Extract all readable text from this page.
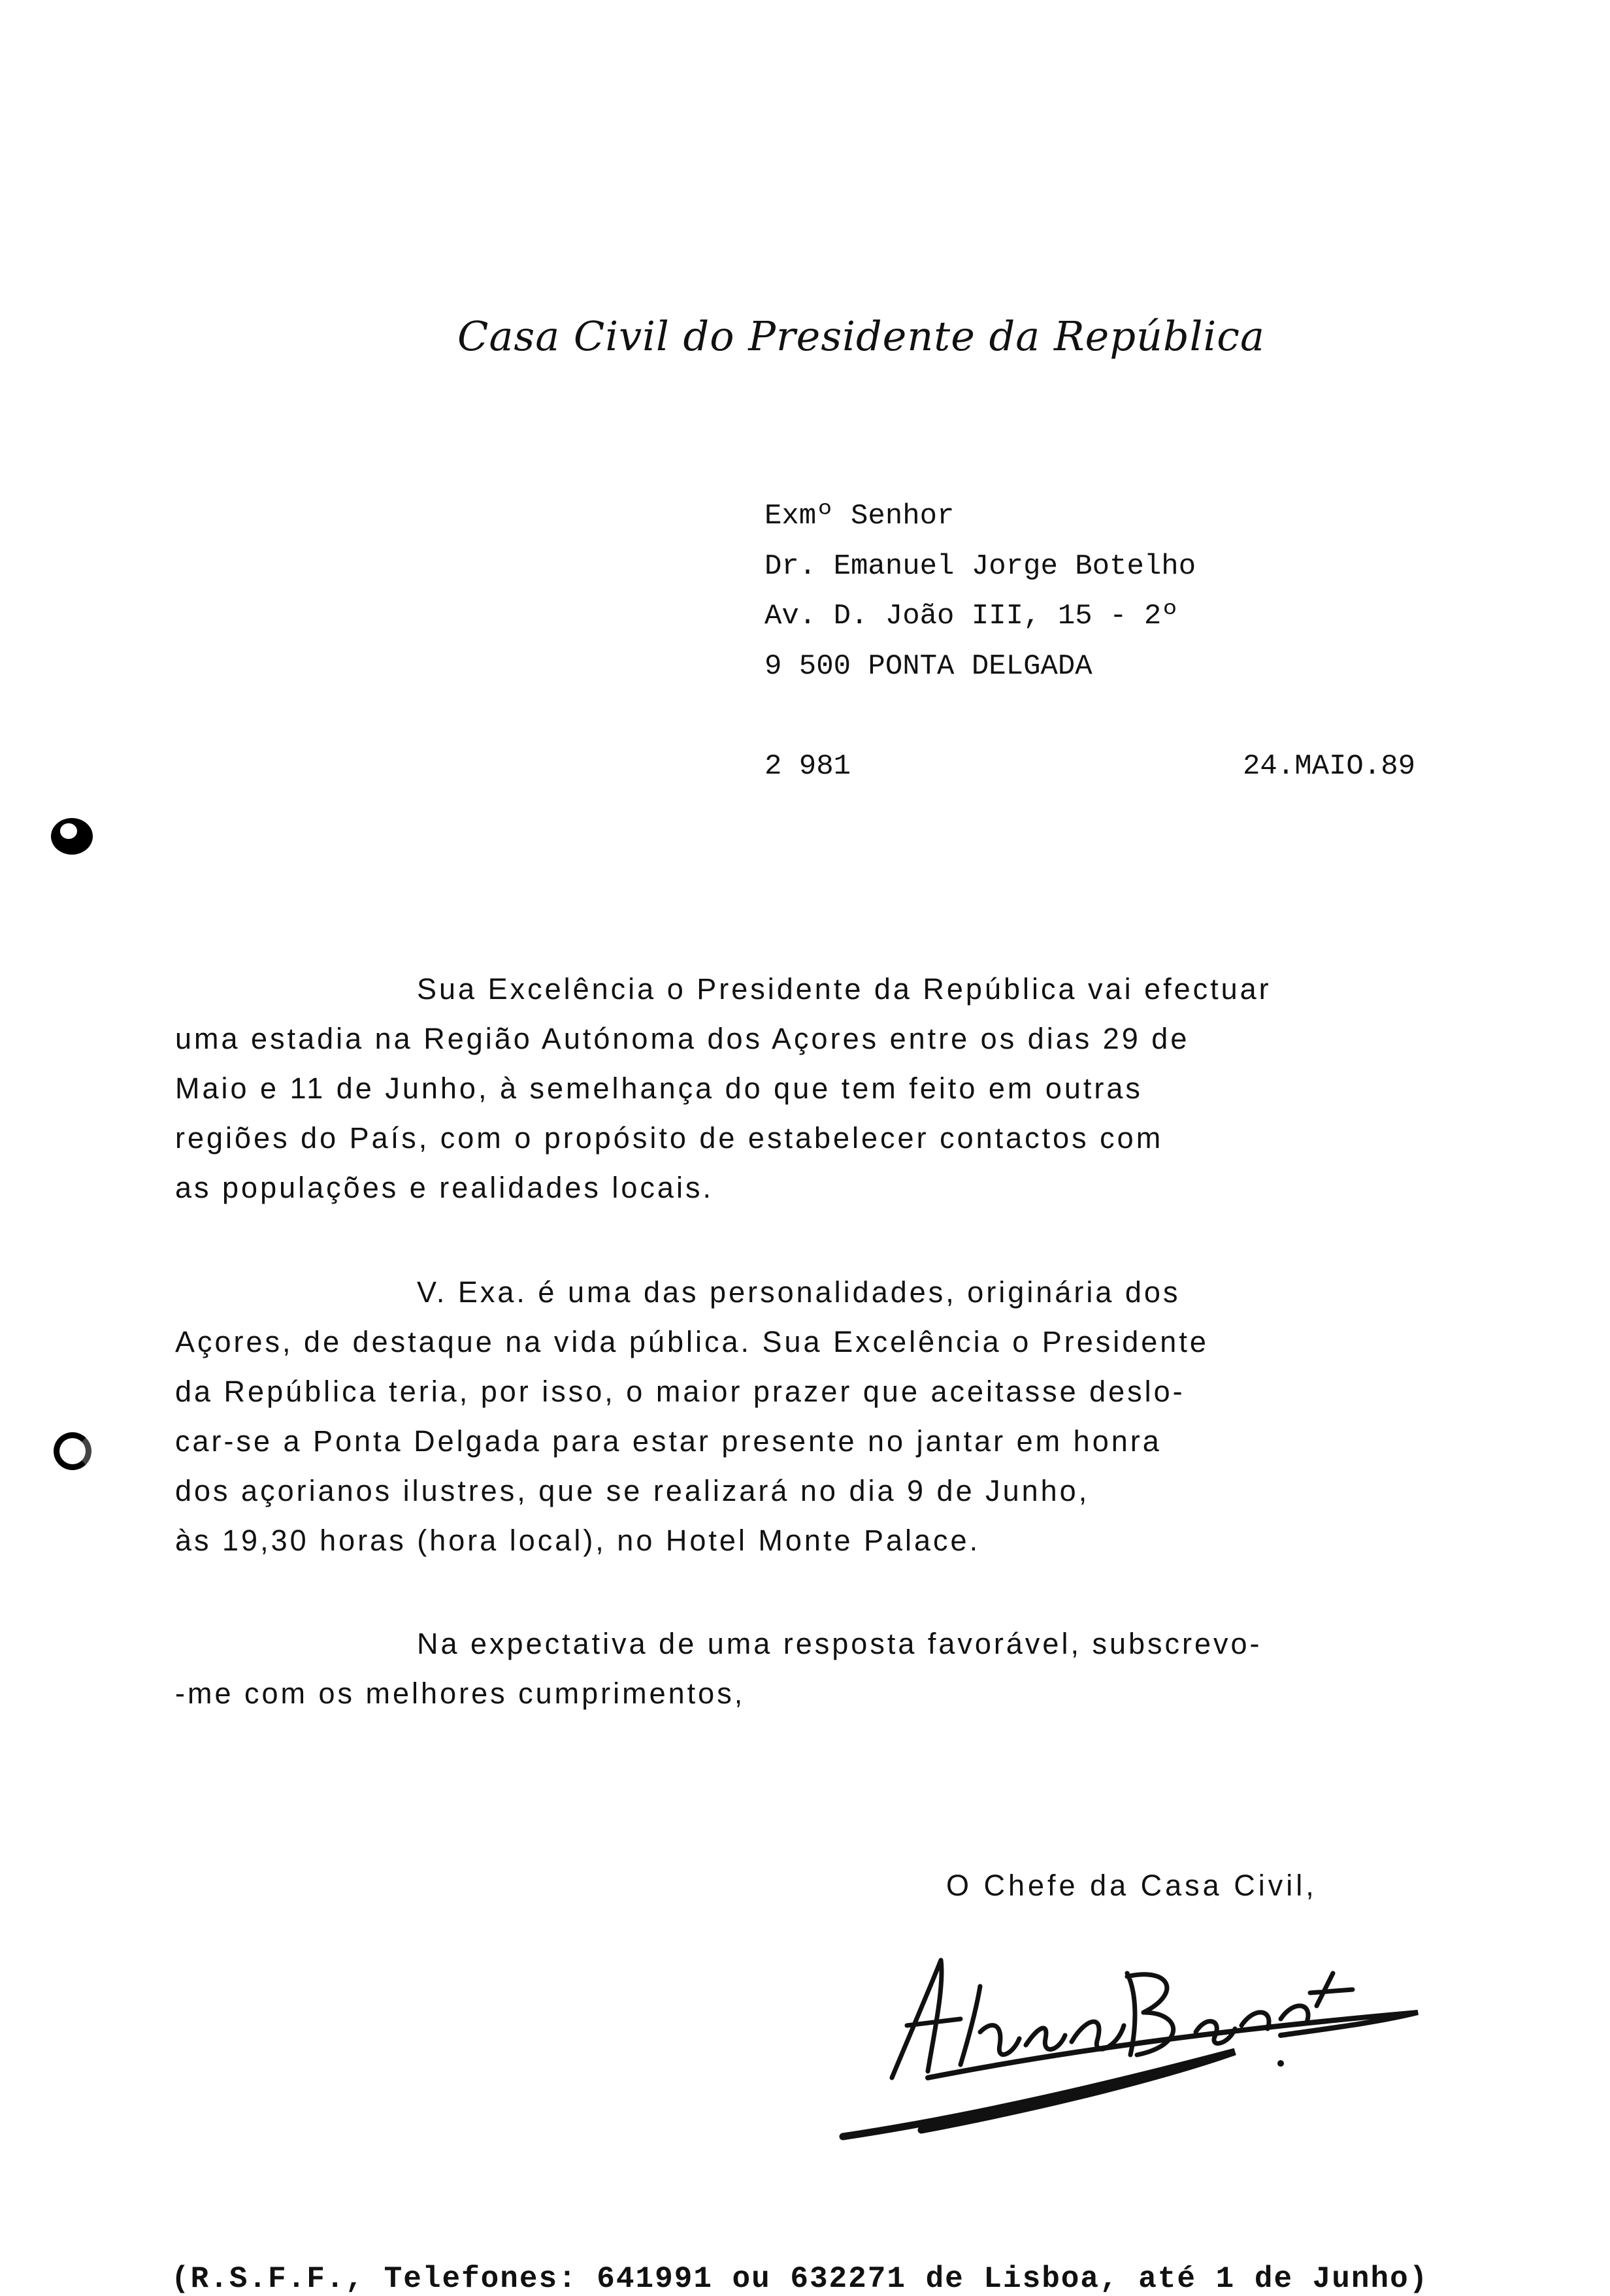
Casa Civil do Presidente da República
Exmº Senhor
Dr. Emanuel Jorge Botelho
Av. D. João III, 15 - 2º
9 500 PONTA DELGADA
2 981	24.MAIO.89
Sua Excelência o Presidente da República vai efectuar
uma estadia na Região Autónoma dos Açores entre os dias 29 de
Maio e 11 de Junho, à semelhança do que tem feito em outras
regiões do País, com o propósito de estabelecer contactos com
as populações e realidades locais.
V. Exa. é uma das personalidades, originária dos
Açores, de destaque na vida pública. Sua Excelência o Presidente
da República teria, por isso, o maior prazer que aceitasse deslo-
car-se a Ponta Delgada para estar presente no jantar em honra
dos açorianos ilustres, que se realizará no dia 9 de Junho,
às 19,30 horas (hora local), no Hotel Monte Palace.
Na expectativa de uma resposta favorável, subscrevo-
-me com os melhores cumprimentos,
O Chefe da Casa Civil,
(R.S.F.F., Telefones: 641991 ou 632271 de Lisboa, até 1 de Junho)
